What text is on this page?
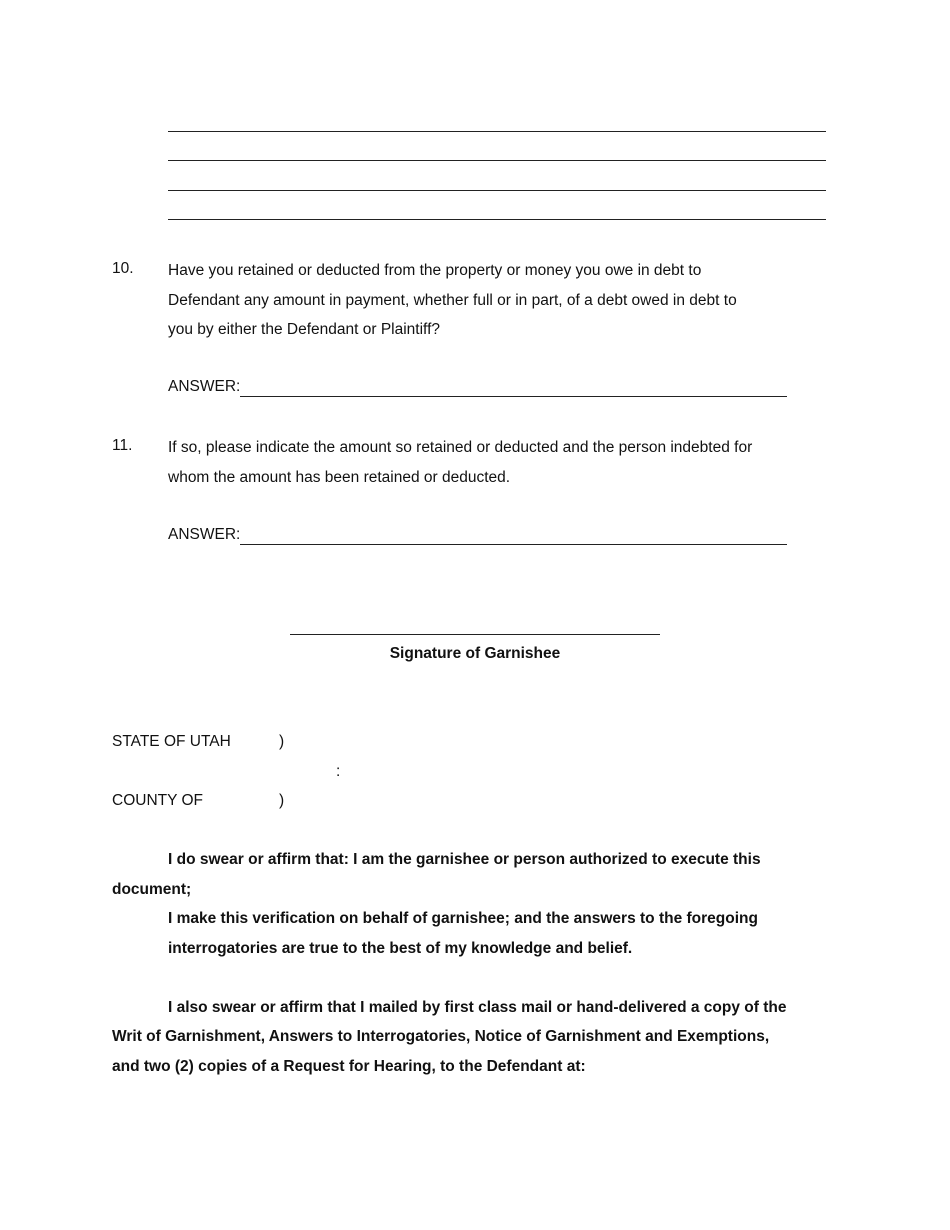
10. Have you retained or deducted from the property or money you owe in debt to
Defendant any amount in payment, whether full or in part, of a debt owed in debt to
you by either the Defendant or Plaintiff?
ANSWER:
11. If so, please indicate the amount so retained or deducted and the person indebted for
whom the amount has been retained or deducted.
ANSWER:
Signature of Garnishee
STATE OF UTAH	)
:
COUNTY OF	)
I do swear or affirm that: I am the garnishee or person authorized to execute this
document;
I make this verification on behalf of garnishee; and the answers to the foregoing
interrogatories are true to the best of my knowledge and belief.
I also swear or affirm that I mailed by first class mail or hand-delivered a copy of the
Writ of Garnishment, Answers to Interrogatories, Notice of Garnishment and Exemptions,
and two (2) copies of a Request for Hearing, to the Defendant at:
